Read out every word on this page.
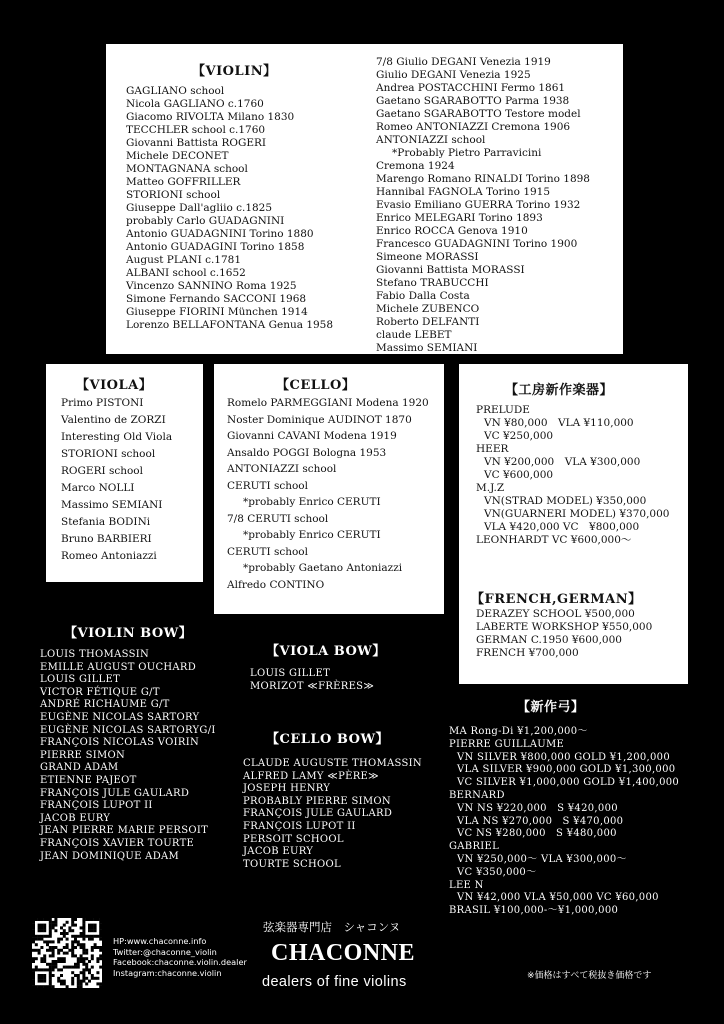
【VIOLIN】
GAGLIANO school
Nicola GAGLIANO c.1760
Giacomo RIVOLTA Milano 1830
TECCHLER school c.1760
Giovanni Battista ROGERI
Michele DECONET
MONTAGNANA school
Matteo GOFFRILLER
STORIONI school
Giuseppe Dall'agliio c.1825
probably Carlo GUADAGNINI
Antonio GUADAGNINI Torino 1880
Antonio GUADAGINI Torino 1858
August PLANI c.1781
ALBANI school c.1652
Vincenzo SANNINO Roma 1925
Simone Fernando SACCONI 1968
Giuseppe FIORINI München 1914
Lorenzo BELLAFONTANA Genua 1958
7/8 Giulio DEGANI Venezia 1919
Giulio DEGANI Venezia 1925
Andrea POSTACCHINI Fermo 1861
Gaetano SGARABOTTO Parma 1938
Gaetano SGARABOTTO Testore model
Romeo ANTONIAZZI Cremona 1906
ANTONIAZZI school
*Probably Pietro Parravicini
Cremona 1924
Marengo Romano RINALDI Torino 1898
Hannibal FAGNOLA Torino 1915
Evasio Emiliano GUERRA Torino 1932
Enrico MELEGARI Torino 1893
Enrico ROCCA Genova 1910
Francesco GUADAGNINI Torino 1900
Simeone MORASSI
Giovanni Battista MORASSI
Stefano TRABUCCHI
Fabio Dalla Costa
Michele ZUBENCO
Roberto DELFANTI
claude LEBET
Massimo SEMIANI
【VIOLA】
Primo PISTONI
Valentino de ZORZI
Interesting Old Viola
STORIONI school
ROGERI school
Marco NOLLI
Massimo SEMIANI
Stefania BODINi
Bruno BARBIERI
Romeo Antoniazzi
【CELLO】
Romelo PARMEGGIANI Modena 1920
Noster Dominique AUDINOT 1870
Giovanni CAVANI Modena 1919
Ansaldo POGGI Bologna 1953
ANTONIAZZI school
CERUTI school
*probably Enrico CERUTI
7/8 CERUTI school
*probably Enrico CERUTI
CERUTI school
*probably Gaetano Antoniazzi
Alfredo CONTINO
【工房新作楽器】
PRELUDE
VN ¥80,000　VLA ¥110,000
VC ¥250,000
HEER
VN ¥200,000　VLA ¥300,000
VC ¥600,000
M.J.Z
VN(STRAD MODEL) ¥350,000
VN(GUARNERI MODEL) ¥370,000
VLA ¥420,000 VC　¥800,000
LEONHARDT VC ¥600,000～
【FRENCH,GERMAN】
DERAZEY SCHOOL ¥500,000
LABERTE WORKSHOP ¥550,000
GERMAN C.1950 ¥600,000
FRENCH ¥700,000
【VIOLIN BOW】
LOUIS THOMASSIN
EMILLE AUGUST OUCHARD
LOUIS GILLET
VICTOR FÉTIQUE G/T
ANDRÉ RICHAUME G/T
EUGÈNE NICOLAS SARTORY
EUGÈNE NICOLAS SARTORYG/I
FRANÇOIS NICOLAS VOIRIN
PIERRE SIMON
GRAND ADAM
ETIENNE PAJEOT
FRANÇOIS JULE GAULARD
FRANÇOIS LUPOT II
JACOB EURY
JEAN PIERRE MARIE PERSOIT
FRANÇOIS XAVIER TOURTE
JEAN DOMINIQUE ADAM
【VIOLA BOW】
LOUIS GILLET
MORIZOT ≪FRÈRES≫
【CELLO BOW】
CLAUDE AUGUSTE THOMASSIN
ALFRED LAMY ≪PÈRE≫
JOSEPH HENRY
PROBABLY PIERRE SIMON
FRANÇOIS JULE GAULARD
FRANÇOIS LUPOT II
PERSOIT SCHOOL
JACOB EURY
TOURTE SCHOOL
【新作弓】
MA Rong-Di ¥1,200,000～
PIERRE GUILLAUME
VN SILVER ¥800,000 GOLD ¥1,200,000
VLA SILVER ¥900,000 GOLD ¥1,300,000
VC SILVER ¥1,000,000 GOLD ¥1,400,000
BERNARD
VN NS ¥220,000　S ¥420,000
VLA NS ¥270,000　S ¥470,000
VC NS ¥280,000　S ¥480,000
GABRIEL
VN ¥250,000～ VLA ¥300,000～
VC ¥350,000～
LEE N
VN ¥42,000 VLA ¥50,000 VC ¥60,000
BRASIL ¥100,000-～¥1,000,000
HP:www.chaconne.info
Twitter:@chaconne_violin
Facebook:chaconne.violin.dealer
Instagram:chaconne.violin
弦楽器専門店　シャコンヌ
CHACONNE
dealers of fine violins	※価格はすべて税抜き価格です
